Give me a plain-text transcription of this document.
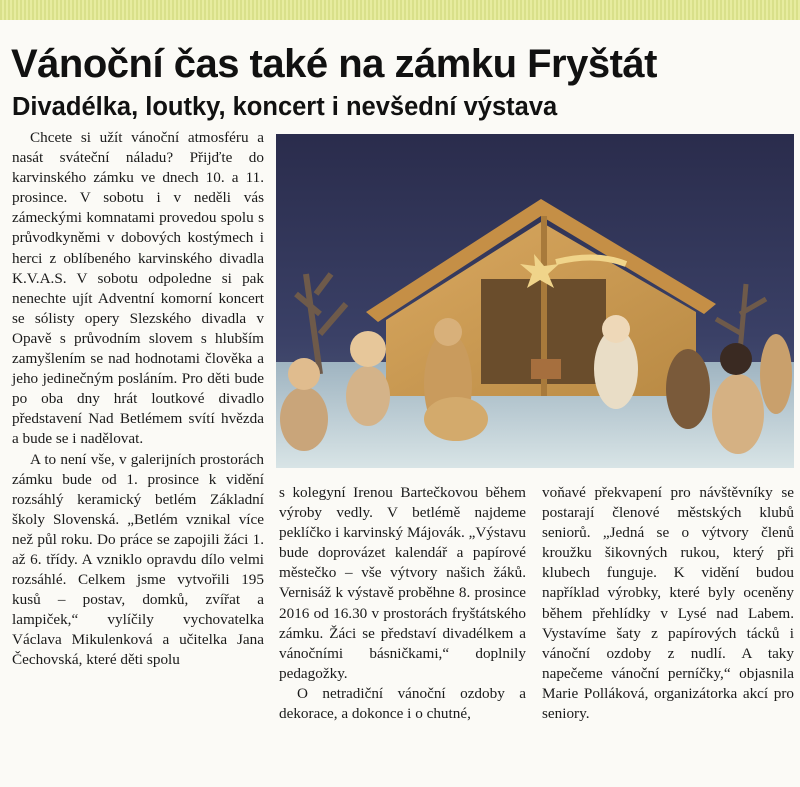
Vánoční čas také na zámku Fryštát
Divadélka, loutky, koncert i nevšední výstava

Chcete si užít vánoční atmosféru a nasát sváteční náladu? Přijďte do karvinského zámku ve dnech 10. a 11. prosince. V sobotu i v neděli vás zámeckými komnatami provedou spolu s průvodkyněmi v dobových kostýmech i herci z oblíbeného karvinského divadla K.V.A.S. V sobotu odpoledne si pak nenechte ujít Adventní komorní koncert se sólisty opery Slezského divadla v Opavě s průvodním slovem s hlubším zamyšlením se nad hodnotami člověka a jeho jedinečným posláním. Pro děti bude po oba dny hrát loutkové divadlo představení Nad Betlémem svítí hvězda a bude se i nadělovat.

A to není vše, v galerijních prostorách zámku bude od 1. prosince k vidění rozsáhlý keramický betlém Základní školy Slovenská. „Betlém vznikal více než půl roku. Do práce se zapojili žáci 1. až 6. třídy. A vzniklo opravdu dílo velmi rozsáhlé. Celkem jsme vytvořili 195 kusů – postav, domků, zvířat a lampiček,“ vylíčily vychovatelka Václava Mikulenková a učitelka Jana Čechovská, které děti spolu

s kolegyní Irenou Bartečkovou během výroby vedly. V betlémě najdeme peklíčko i karvinský Májovák. „Výstavu bude doprovázet kalendář a papírové městečko – vše výtvory našich žáků. Vernisáž k výstavě proběhne 8. prosince 2016 od 16.30 v prostorách fryštátského zámku. Žáci se představí divadélkem a vánočními básničkami,“ doplnily pedagožky.

O netradiční vánoční ozdoby a dekorace, a dokonce i o chutné,

voňavé překvapení pro návštěvníky se postarají členové městských klubů seniorů. „Jedná se o výtvory členů kroužku šikovných rukou, který při klubech funguje. K vidění budou například výrobky, které byly oceněny během přehlídky v Lysé nad Labem. Vystavíme šaty z papírových tácků i vánoční ozdoby z nudlí. A taky napečeme vánoční perníčky,“ objasnila Marie Polláková, organizátorka akcí pro seniory.
